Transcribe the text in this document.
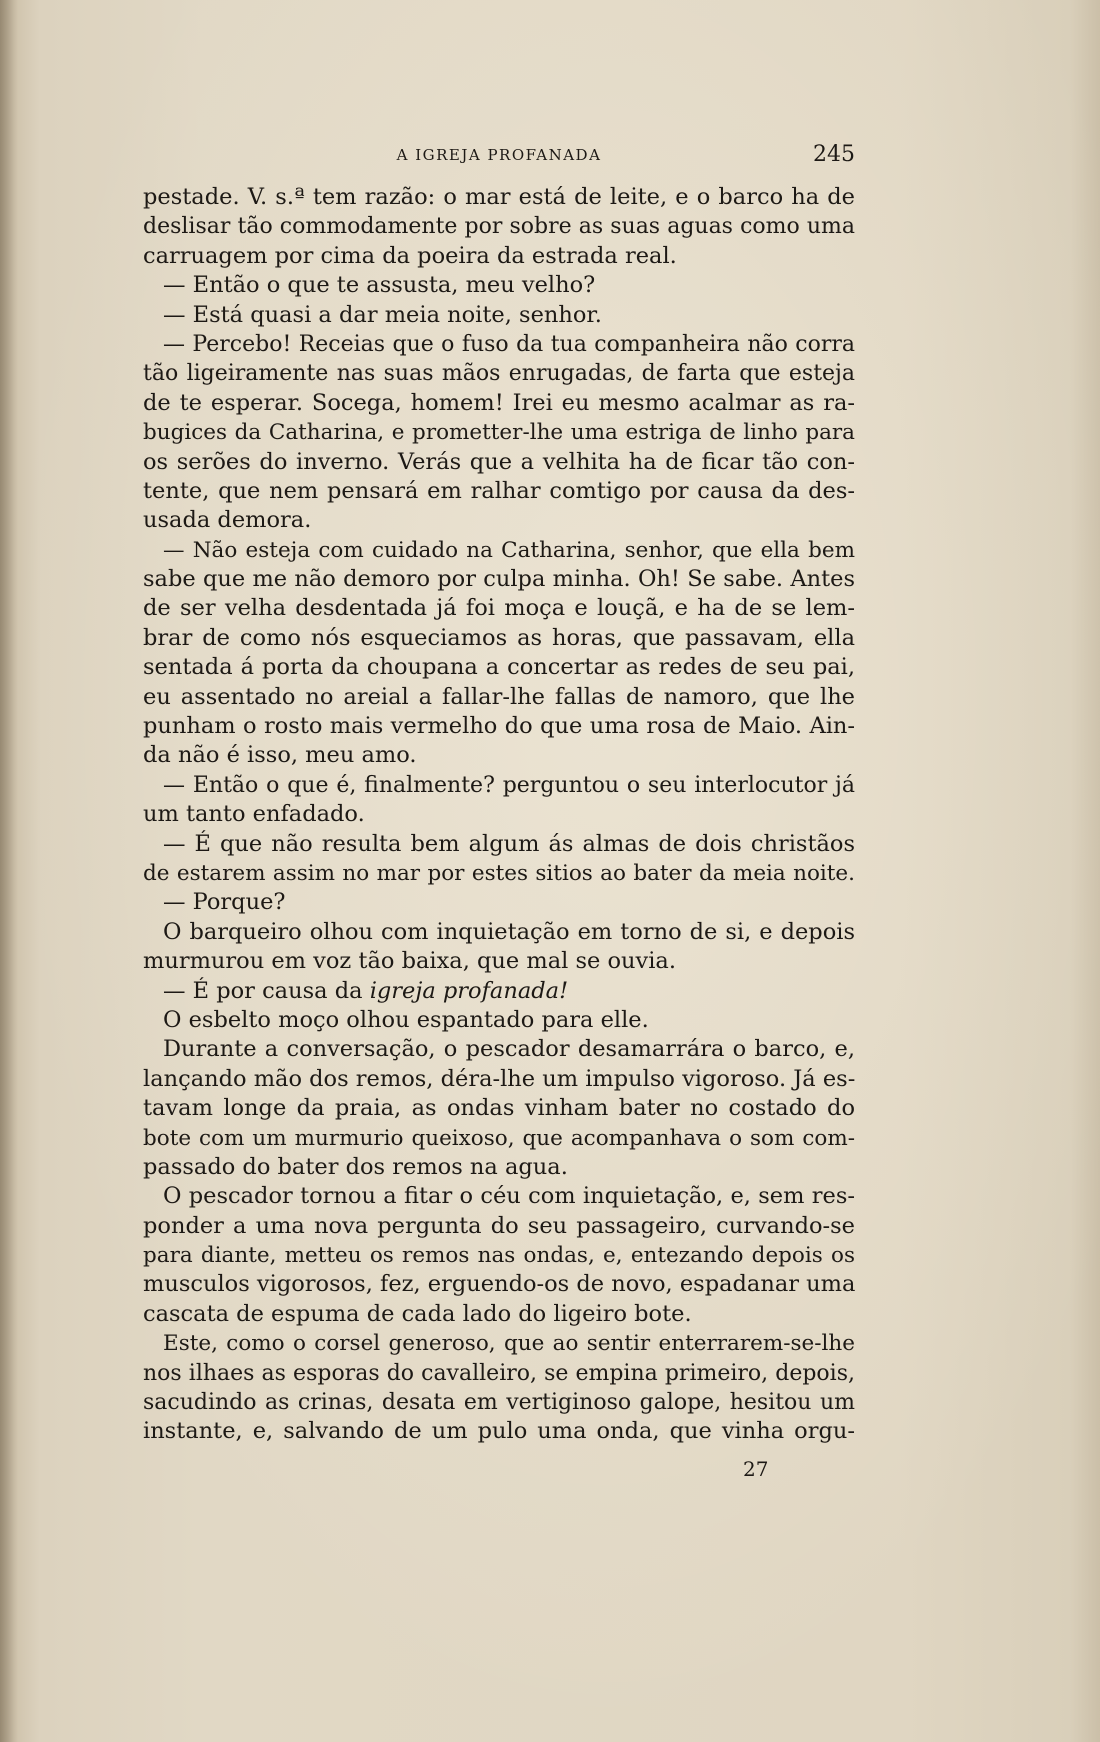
A IGREJA PROFANADA	245
pestade. V. s.ª tem razão: o mar está de leite, e o barco ha de
deslisar tão commodamente por sobre as suas aguas como uma
carruagem por cima da poeira da estrada real.
— Então o que te assusta, meu velho?
— Está quasi a dar meia noite, senhor.
— Percebo! Receias que o fuso da tua companheira não corra
tão ligeiramente nas suas mãos enrugadas, de farta que esteja
de te esperar. Socega, homem! Irei eu mesmo acalmar as ra-
bugices da Catharina, e prometter-lhe uma estriga de linho para
os serões do inverno. Verás que a velhita ha de ficar tão con-
tente, que nem pensará em ralhar comtigo por causa da des-
usada demora.
— Não esteja com cuidado na Catharina, senhor, que ella bem
sabe que me não demoro por culpa minha. Oh! Se sabe. Antes
de ser velha desdentada já foi moça e louçã, e ha de se lem-
brar de como nós esqueciamos as horas, que passavam, ella
sentada á porta da choupana a concertar as redes de seu pai,
eu assentado no areial a fallar-lhe fallas de namoro, que lhe
punham o rosto mais vermelho do que uma rosa de Maio. Ain-
da não é isso, meu amo.
— Então o que é, finalmente? perguntou o seu interlocutor já
um tanto enfadado.
— É que não resulta bem algum ás almas de dois christãos
de estarem assim no mar por estes sitios ao bater da meia noite.
— Porque?
O barqueiro olhou com inquietação em torno de si, e depois
murmurou em voz tão baixa, que mal se ouvia.
— É por causa da igreja profanada!
O esbelto moço olhou espantado para elle.
Durante a conversação, o pescador desamarrára o barco, e,
lançando mão dos remos, déra-lhe um impulso vigoroso. Já es-
tavam longe da praia, as ondas vinham bater no costado do
bote com um murmurio queixoso, que acompanhava o som com-
passado do bater dos remos na agua.
O pescador tornou a fitar o céu com inquietação, e, sem res-
ponder a uma nova pergunta do seu passageiro, curvando-se
para diante, metteu os remos nas ondas, e, entezando depois os
musculos vigorosos, fez, erguendo-os de novo, espadanar uma
cascata de espuma de cada lado do ligeiro bote.
Este, como o corsel generoso, que ao sentir enterrarem-se-lhe
nos ilhaes as esporas do cavalleiro, se empina primeiro, depois,
sacudindo as crinas, desata em vertiginoso galope, hesitou um
instante, e, salvando de um pulo uma onda, que vinha orgu-
27
